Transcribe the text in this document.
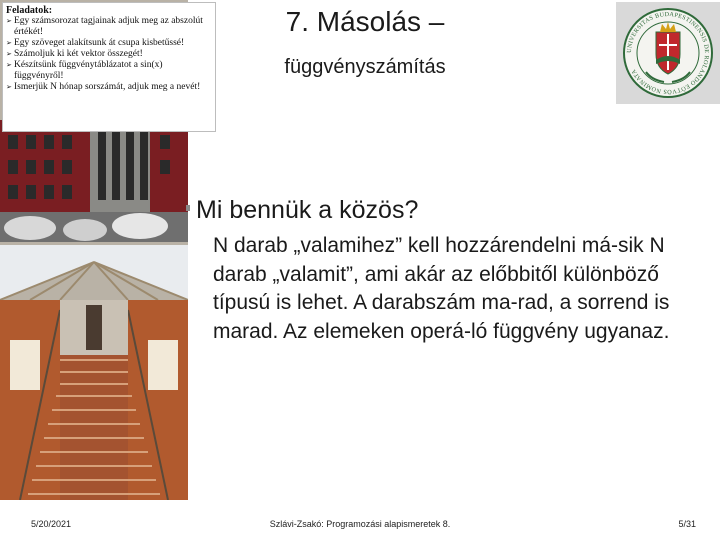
Feladatok:
➢ Egy számsorozat tagjainak adjuk meg az abszolút értékét!
➢ Egy szöveget alakítsunk át csupa kisbetűssé!
➢ Számoljuk ki két vektor összegét!
➢ Készítsünk függvénytáblázatot a sin(x) függvényről!
➢ Ismerjük N hónap sorszámát, adjuk meg a nevét!
7. Másolás –
függvényszámítás
UNIVERSITAS BUDAPESTINENSIS DE ROLANDO EÖTVÖS NOMINATA
Mi bennük a közös?
N darab „valamihez” kell hozzárendelni má-sik N darab „valamit”, ami akár az előbbitől különböző típusú is lehet. A darabszám ma-rad, a sorrend is marad. Az elemeken operá-ló függvény ugyanaz.
5/20/2021	Szlávi-Zsakó: Programozási alapismeretek 8.	5/31
